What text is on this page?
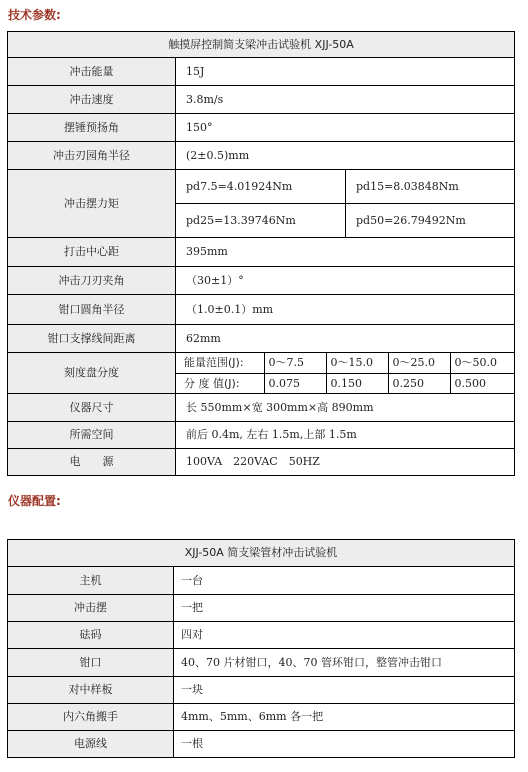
技术参数:
触摸屏控制简支梁冲击试验机 XJJ-50A
冲击能量	15J
冲击速度	3.8m/s
摆锤预扬角	150°
冲击刃园角半径	(2±0.5)mm
冲击摆力矩	pd7.5=4.01924Nm	pd15=8.03848Nm
pd25=13.39746Nm	pd50=26.79492Nm
打击中心距	395mm
冲击刀刃夹角	（30±1）°
钳口圆角半径	（1.0±0.1）mm
钳口支撑线间距离	62mm
刻度盘分度	
能量范围(J):	0～7.5	0～15.0	0～25.0	0～50.0
分 度 值(J):	0.075	0.150	0.250	0.500

仪器尺寸	长 550mm×宽 300mm×高 890mm
所需空间	前后 0.4m, 左右 1.5m,上部 1.5m
电　　源	100VA　220VAC　50HZ
仪器配置:
XJJ-50A 简支梁管材冲击试验机	
主机	一台
冲击摆	一把
砝码	四对
钳口	40、70 片材钳口，40、70 管环钳口，整管冲击钳口
对中样板	一块
内六角搬手	4mm、5mm、6mm 各一把
电源线	一根
